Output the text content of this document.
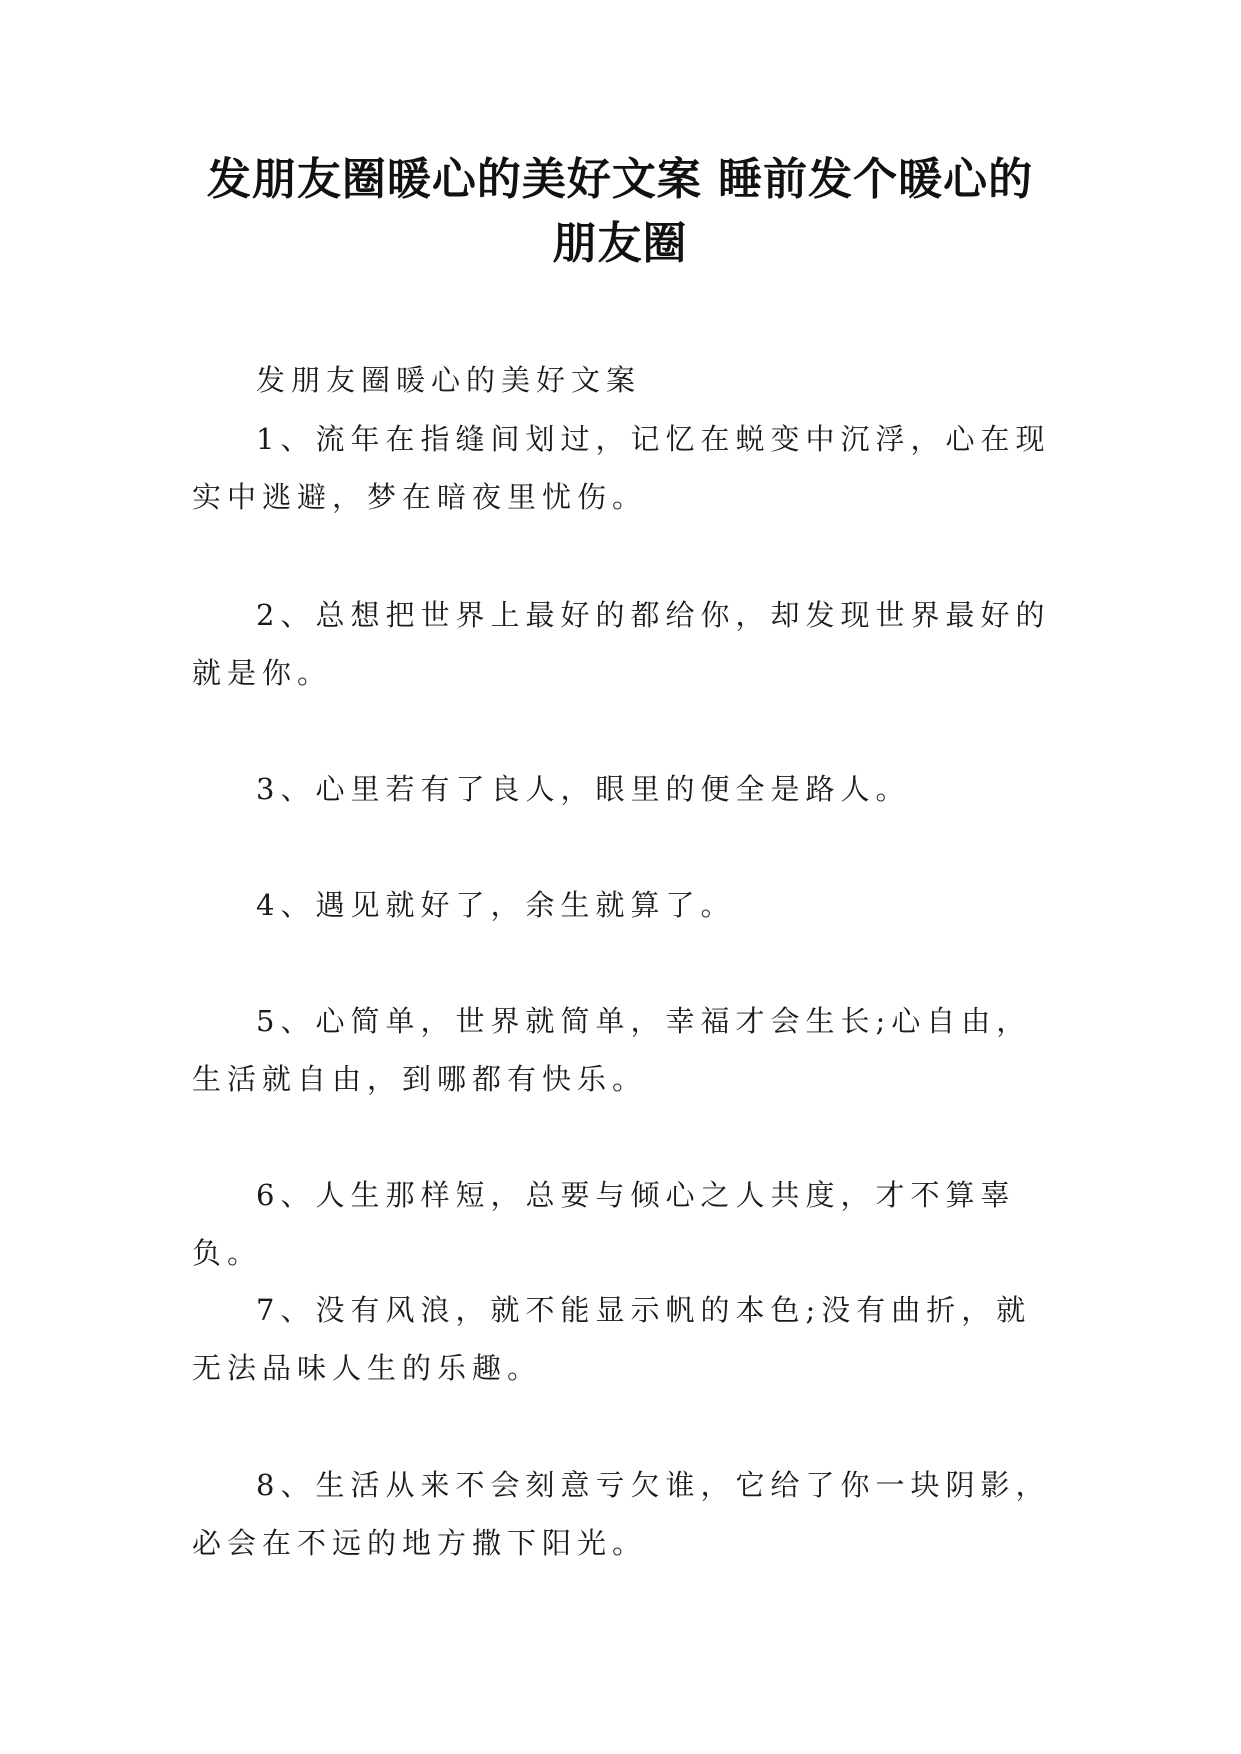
发朋友圈暖心的美好文案 睡前发个暖心的
朋友圈

发朋友圈暖心的美好文案

1、流年在指缝间划过，记忆在蜕变中沉浮，心在现实中逃避，梦在暗夜里忧伤。

2、总想把世界上最好的都给你，却发现世界最好的就是你。

3、心里若有了良人，眼里的便全是路人。

4、遇见就好了，余生就算了。

5、心简单，世界就简单，幸福才会生长;心自由，生活就自由，到哪都有快乐。

6、人生那样短，总要与倾心之人共度，才不算辜负。

7、没有风浪，就不能显示帆的本色;没有曲折，就无法品味人生的乐趣。

8、生活从来不会刻意亏欠谁，它给了你一块阴影，必会在不远的地方撒下阳光。
